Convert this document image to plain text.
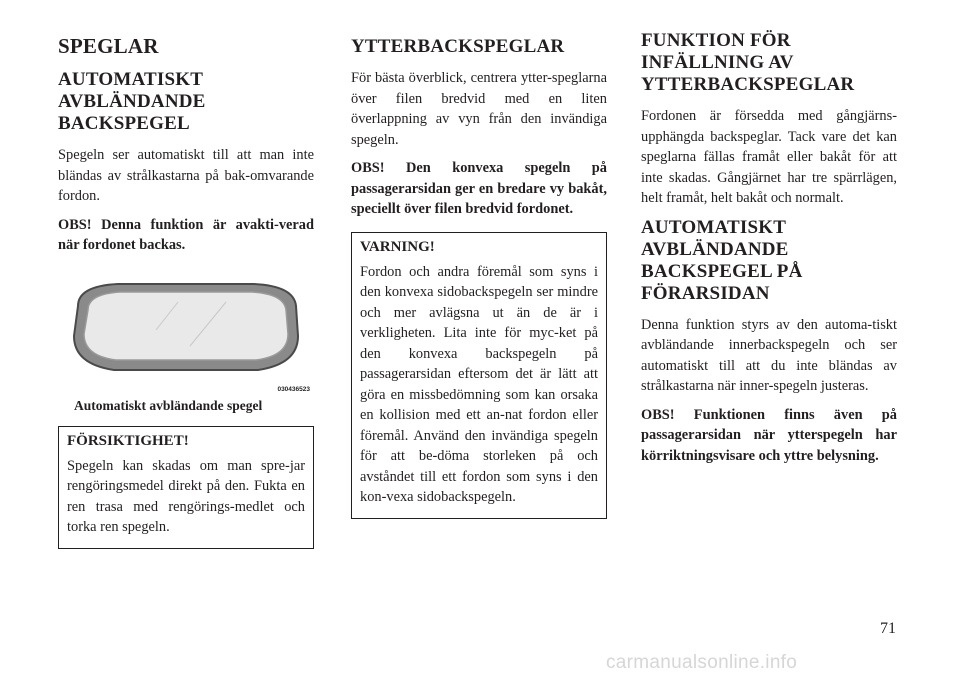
SPEGLAR
AUTOMATISKT AVBLÄNDANDE BACKSPEGEL

Spegeln ser automatiskt till att man inte bländas av strålkastarna på bak-omvarande fordon.

OBS! Denna funktion är avakti-verad när fordonet backas.

030436523
Automatiskt avbländande spegel
FÖRSIKTIGHET!

Spegeln kan skadas om man spre-jar rengöringsmedel direkt på den. Fukta en ren trasa med rengörings-medlet och torka ren spegeln.

YTTERBACKSPEGLAR

För bästa överblick, centrera ytter-speglarna över filen bredvid med en liten överlappning av vyn från den invändiga spegeln.

OBS! Den konvexa spegeln på passagerarsidan ger en bredare vy bakåt, speciellt över filen bredvid fordonet.

VARNING!

Fordon och andra föremål som syns i den konvexa sidobackspegeln ser mindre och mer avlägsna ut än de är i verkligheten. Lita inte för myc-ket på den konvexa backspegeln på passagerarsidan eftersom det är lätt att göra en missbedömning som kan orsaka en kollision med ett an-nat fordon eller föremål. Använd den invändiga spegeln för att be-döma storleken på och avståndet till ett fordon som syns i den kon-vexa sidobackspegeln.

FUNKTION FÖR INFÄLLNING AV YTTERBACKSPEGLAR

Fordonen är försedda med gångjärns-upphängda backspeglar. Tack vare det kan speglarna fällas framåt eller bakåt för att inte skadas. Gångjärnet har tre spärrlägen, helt framåt, helt bakåt och normalt.

AUTOMATISKT AVBLÄNDANDE BACKSPEGEL PÅ FÖRARSIDAN

Denna funktion styrs av den automa-tiskt avbländande innerbackspegeln och ser automatiskt till att du inte bländas av strålkastarna när inner-spegeln justeras.

OBS! Funktionen finns även på passagerarsidan när ytterspegeln har körriktningsvisare och yttre belysning.

71
carmanualsonline.info
